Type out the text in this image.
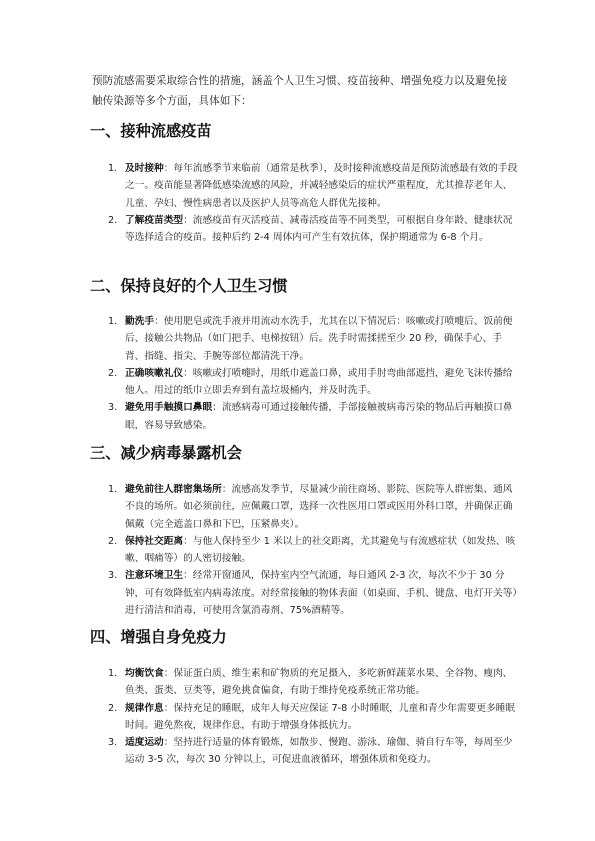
预防流感需要采取综合性的措施，涵盖个人卫生习惯、疫苗接种、增强免疫力以及避免接触传染源等多个方面，具体如下：
一、接种流感疫苗
1. 及时接种：每年流感季节来临前（通常是秋季），及时接种流感疫苗是预防流感最有效的手段之一。疫苗能显著降低感染流感的风险，并减轻感染后的症状严重程度，尤其推荐老年人、儿童、孕妇、慢性病患者以及医护人员等高危人群优先接种。
2. 了解疫苗类型：流感疫苗有灭活疫苗、减毒活疫苗等不同类型，可根据自身年龄、健康状况等选择适合的疫苗。接种后约 2-4 周体内可产生有效抗体，保护期通常为 6-8 个月。
二、保持良好的个人卫生习惯
1. 勤洗手：使用肥皂或洗手液并用流动水洗手，尤其在以下情况后：咳嗽或打喷嚏后、饭前便后、接触公共物品（如门把手、电梯按钮）后。洗手时需揉搓至少 20 秒，确保手心、手背、指缝、指尖、手腕等部位都清洗干净。
2. 正确咳嗽礼仪：咳嗽或打喷嚏时，用纸巾遮盖口鼻，或用手肘弯曲部遮挡，避免飞沫传播给他人。用过的纸巾立即丢弃到有盖垃圾桶内，并及时洗手。
3. 避免用手触摸口鼻眼：流感病毒可通过接触传播，手部接触被病毒污染的物品后再触摸口鼻眼，容易导致感染。
三、减少病毒暴露机会
1. 避免前往人群密集场所：流感高发季节，尽量减少前往商场、影院、医院等人群密集、通风不良的场所。如必须前往，应佩戴口罩，选择一次性医用口罩或医用外科口罩，并确保正确佩戴（完全遮盖口鼻和下巴，压紧鼻夹）。
2. 保持社交距离：与他人保持至少 1 米以上的社交距离，尤其避免与有流感症状（如发热、咳嗽、咽痛等）的人密切接触。
3. 注意环境卫生：经常开窗通风，保持室内空气流通，每日通风 2-3 次，每次不少于 30 分钟，可有效降低室内病毒浓度。对经常接触的物体表面（如桌面、手机、键盘、电灯开关等）进行清洁和消毒，可使用含氯消毒剂、75%酒精等。
四、增强自身免疫力
1. 均衡饮食：保证蛋白质、维生素和矿物质的充足摄入，多吃新鲜蔬菜水果、全谷物、瘦肉、鱼类、蛋类、豆类等，避免挑食偏食，有助于维持免疫系统正常功能。
2. 规律作息：保持充足的睡眠，成年人每天应保证 7-8 小时睡眠，儿童和青少年需要更多睡眠时间。避免熬夜，规律作息，有助于增强身体抵抗力。
3. 适度运动：坚持进行适量的体育锻炼，如散步、慢跑、游泳、瑜伽、骑自行车等，每周至少运动 3-5 次，每次 30 分钟以上，可促进血液循环，增强体质和免疫力。
